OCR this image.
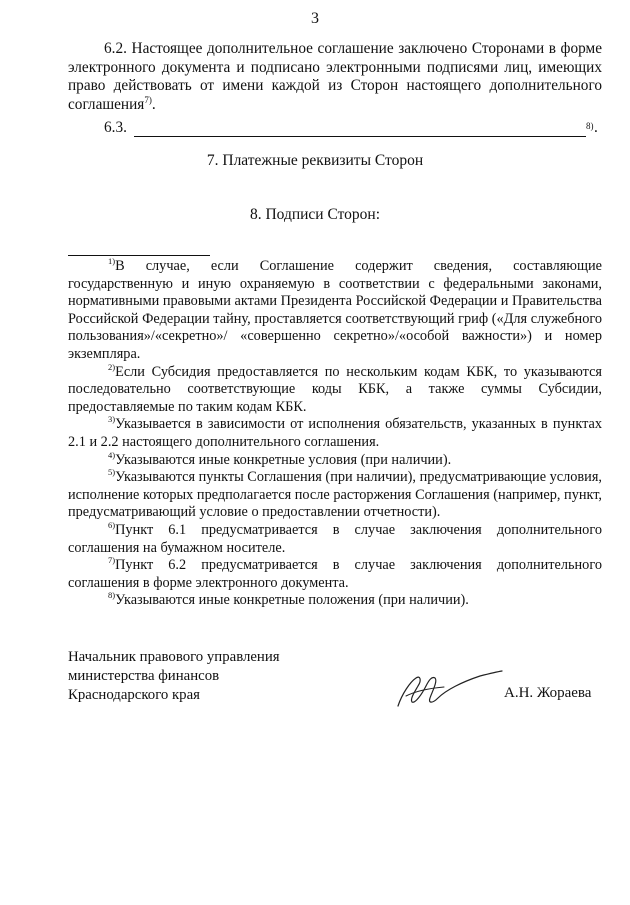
3
6.2. Настоящее дополнительное соглашение заключено Сторонами в форме электронного документа и подписано электронными подписями лиц, имеющих право действовать от имени каждой из Сторон настоящего дополнительного соглашения$^{7)}$.
6.3.	8) .
7. Платежные реквизиты Сторон
8. Подписи Сторон:

$^{1)}$В случае, если Соглашение содержит сведения, составляющие государственную и иную охраняемую в соответствии с федеральными законами, нормативными правовыми актами Президента Российской Федерации и Правительства Российской Федерации тайну, проставляется соответствующий гриф («Для служебного пользования»/«секретно»/ «совершенно секретно»/«особой важности») и номер экземпляра.

$^{2)}$Если Субсидия предоставляется по нескольким кодам КБК, то указываются последовательно соответствующие коды КБК, а также суммы Субсидии, предоставляемые по таким кодам КБК.

$^{3)}$Указывается в зависимости от исполнения обязательств, указанных в пунктах 2.1 и 2.2 настоящего дополнительного соглашения.

$^{4)}$Указываются иные конкретные условия (при наличии).

$^{5)}$Указываются пункты Соглашения (при наличии), предусматривающие условия, исполнение которых предполагается после расторжения Соглашения (например, пункт, предусматривающий условие о предоставлении отчетности).

$^{6)}$Пункт 6.1 предусматривается в случае заключения дополнительного соглашения на бумажном носителе.

$^{7)}$Пункт 6.2 предусматривается в случае заключения дополнительного соглашения в форме электронного документа.

$^{8)}$Указываются иные конкретные положения (при наличии).

Начальник правового управления
министерства финансов
Краснодарского края	А.Н. Жораева
